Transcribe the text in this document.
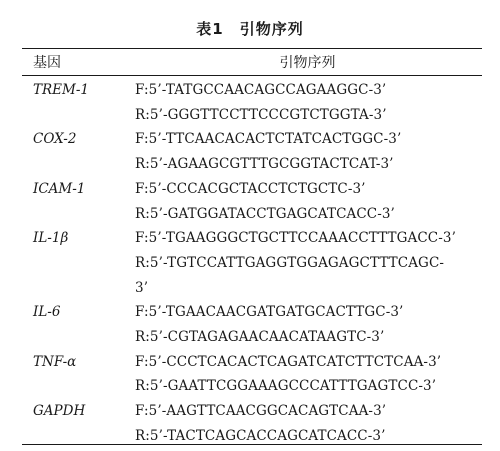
表1　引物序列
基因	引物序列
TREM-1	F:5’-TATGCCAACAGCCAGAAGGC-3’
R:5’-GGGTTCCTTCCCGTCTGGTA-3’
COX-2	F:5’-TTCAACACACTCTATCACTGGC-3’
R:5’-AGAAGCGTTTGCGGTACTCAT-3’
ICAM-1	F:5’-CCCACGCTACCTCTGCTC-3’
R:5’-GATGGATACCTGAGCATCACC-3’
IL-1β	F:5’-TGAAGGGCTGCTTCCAAACCTTTGACC-3’
R:5’-TGTCCATTGAGGTGGAGAGCTTTCAGC-
3’
IL-6	F:5’-TGAACAACGATGATGCACTTGC-3’
R:5’-CGTAGAGAACAACATAAGTC-3’
TNF-α	F:5’-CCCTCACACTCAGATCATCTTCTCAA-3’
R:5’-GAATTCGGAAAGCCCATTTGAGTCC-3’
GAPDH	F:5’-AAGTTCAACGGCACAGTCAA-3’
R:5’-TACTCAGCACCAGCATCACC-3’
